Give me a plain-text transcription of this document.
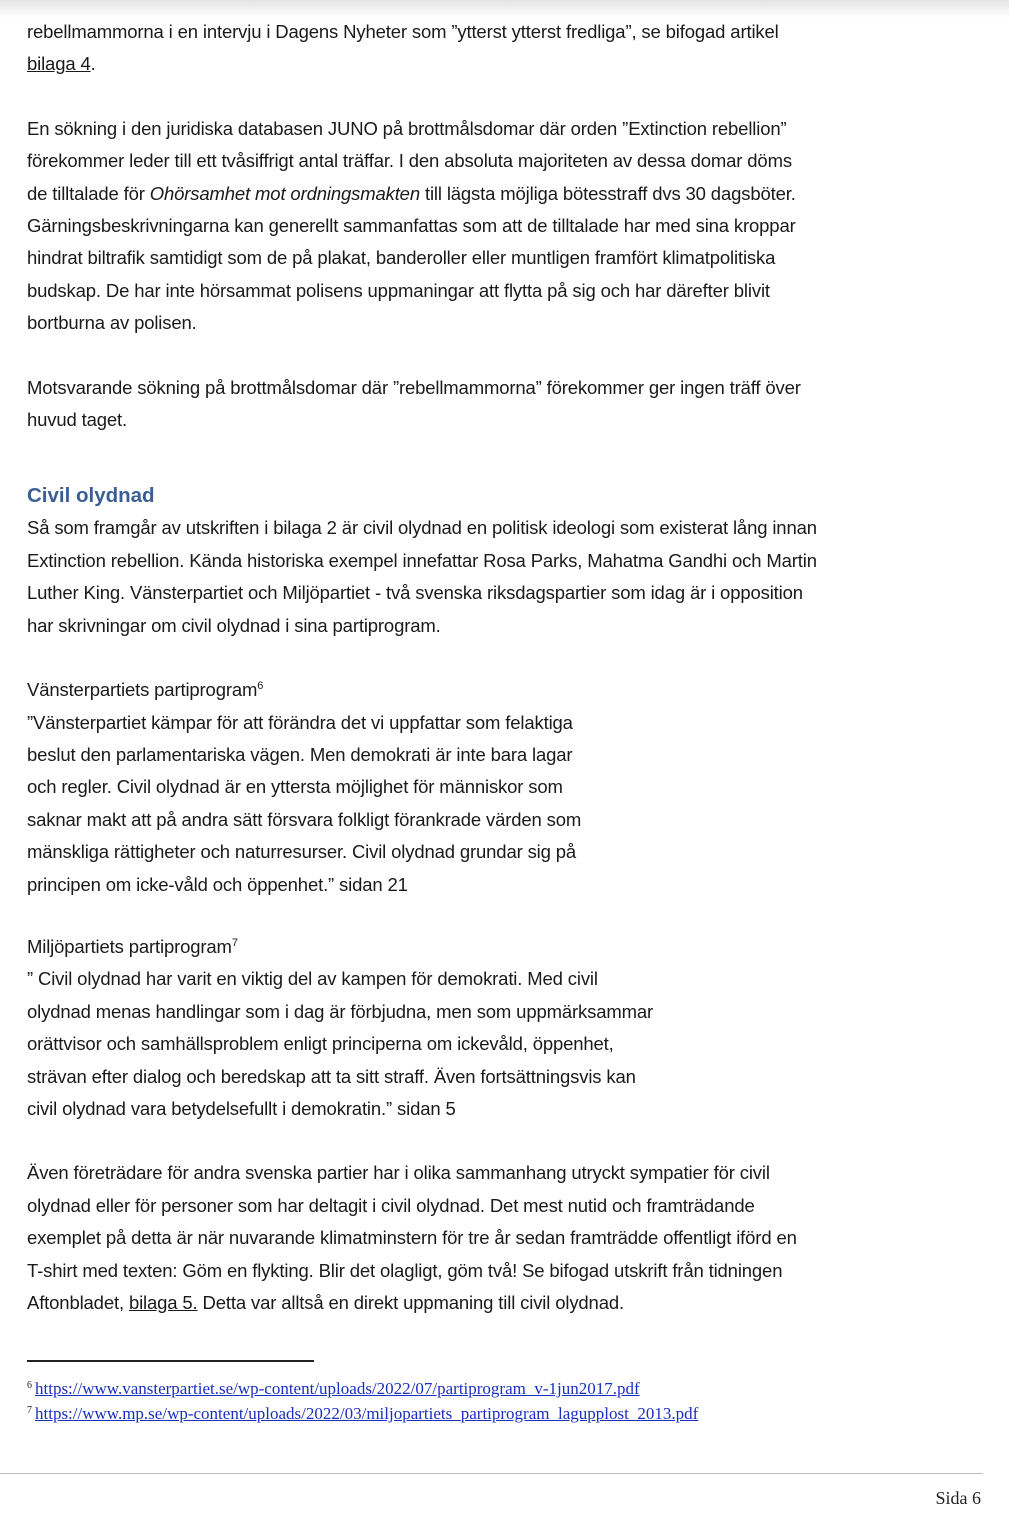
rebellmammorna i en intervju i Dagens Nyheter som ”ytterst ytterst fredliga”, se bifogad artikel

bilaga 4.

En sökning i den juridiska databasen JUNO på brottmålsdomar där orden ”Extinction rebellion”

förekommer leder till ett tvåsiffrigt antal träffar. I den absoluta majoriteten av dessa domar döms

de tilltalade för Ohörsamhet mot ordningsmakten till lägsta möjliga bötesstraff dvs 30 dagsböter.

Gärningsbeskrivningarna kan generellt sammanfattas som att de tilltalade har med sina kroppar

hindrat biltrafik samtidigt som de på plakat, banderoller eller muntligen framfört klimatpolitiska

budskap. De har inte hörsammat polisens uppmaningar att flytta på sig och har därefter blivit

bortburna av polisen.

Motsvarande sökning på brottmålsdomar där ”rebellmammorna” förekommer ger ingen träff över

huvud taget.

Civil olydnad

Så som framgår av utskriften i bilaga 2 är civil olydnad en politisk ideologi som existerat lång innan

Extinction rebellion. Kända historiska exempel innefattar Rosa Parks, Mahatma Gandhi och Martin

Luther King. Vänsterpartiet och Miljöpartiet - två svenska riksdagspartier som idag är i opposition

har skrivningar om civil olydnad i sina partiprogram.

Vänsterpartiets partiprogram$^6$

”Vänsterpartiet kämpar för att förändra det vi uppfattar som felaktiga

beslut den parlamentariska vägen. Men demokrati är inte bara lagar

och regler. Civil olydnad är en yttersta möjlighet för människor som

saknar makt att på andra sätt försvara folkligt förankrade värden som

mänskliga rättigheter och naturresurser. Civil olydnad grundar sig på

principen om icke-våld och öppenhet.” sidan 21

Miljöpartiets partiprogram$^7$

” Civil olydnad har varit en viktig del av kampen för demokrati. Med civil

olydnad menas handlingar som i dag är förbjudna, men som uppmärksammar

orättvisor och samhällsproblem enligt principerna om ickevåld, öppenhet,

strävan efter dialog och beredskap att ta sitt straff. Även fortsättningsvis kan

civil olydnad vara betydelsefullt i demokratin.” sidan 5

Även företrädare för andra svenska partier har i olika sammanhang utryckt sympatier för civil

olydnad eller för personer som har deltagit i civil olydnad. Det mest nutid och framträdande

exemplet på detta är när nuvarande klimatminstern för tre år sedan framträdde offentligt iförd en

T-shirt med texten: Göm en flykting. Blir det olagligt, göm två! Se bifogad utskrift från tidningen

Aftonbladet, bilaga 5. Detta var alltså en direkt uppmaning till civil olydnad.

$^6$ https://www.vansterpartiet.se/wp-content/uploads/2022/07/partiprogram_v-1jun2017.pdf
$^7$ https://www.mp.se/wp-content/uploads/2022/03/miljopartiets_partiprogram_lagupplost_2013.pdf
Sida 6
